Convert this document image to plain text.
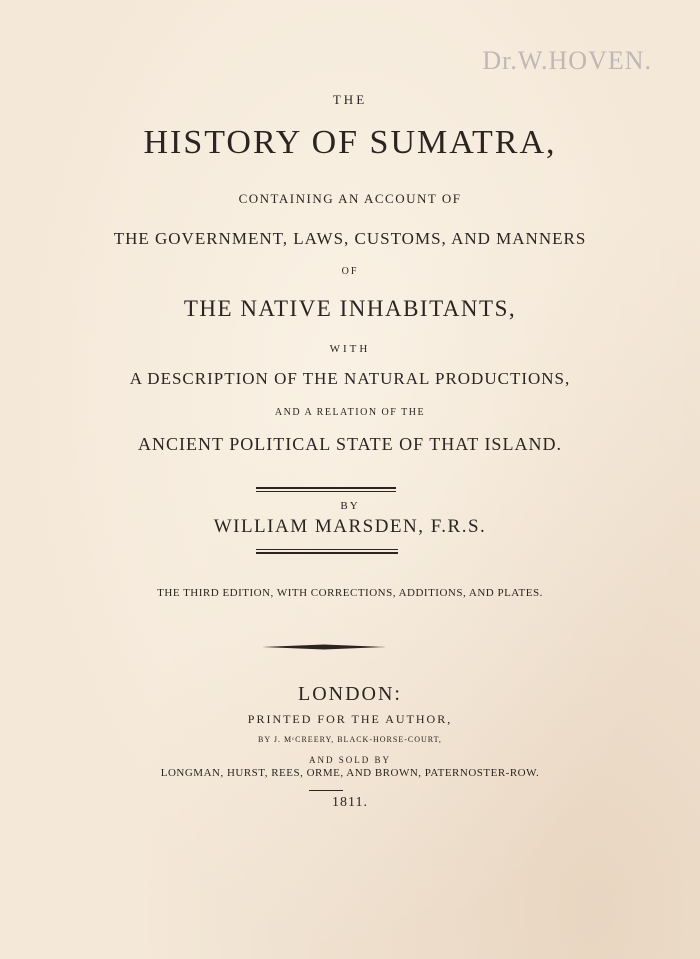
Dr.W.HOVEN.
THE
HISTORY OF SUMATRA,
CONTAINING AN ACCOUNT OF
THE GOVERNMENT, LAWS, CUSTOMS, AND MANNERS
OF
THE NATIVE INHABITANTS,
WITH
A DESCRIPTION OF THE NATURAL PRODUCTIONS,
AND A RELATION OF THE
ANCIENT POLITICAL STATE OF THAT ISLAND.
BY
WILLIAM MARSDEN, F.R.S.
THE THIRD EDITION, WITH CORRECTIONS, ADDITIONS, AND PLATES.
LONDON:
PRINTED FOR THE AUTHOR,
BY J. MᶜCREERY, BLACK-HORSE-COURT,
AND SOLD BY
LONGMAN, HURST, REES, ORME, AND BROWN, PATERNOSTER-ROW.
1811.
